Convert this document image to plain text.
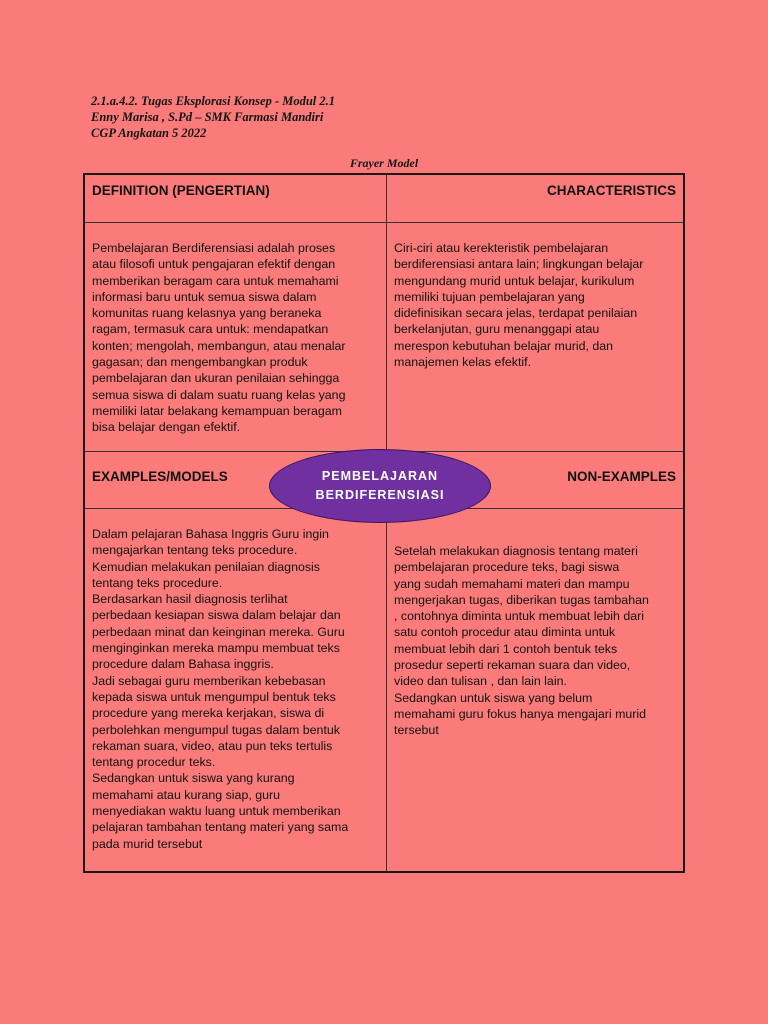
2.1.a.4.2. Tugas Eksplorasi Konsep - Modul 2.1
Enny Marisa , S.Pd – SMK Farmasi Mandiri
CGP Angkatan 5 2022
Frayer Model
DEFINITION (PENGERTIAN)	CHARACTERISTICS
EXAMPLES/MODELS	NON-EXAMPLES
Pembelajaran Berdiferensiasi adalah proses
atau filosofi untuk pengajaran efektif dengan
memberikan beragam cara untuk memahami
informasi baru untuk semua siswa dalam
komunitas ruang kelasnya yang beraneka
ragam, termasuk cara untuk: mendapatkan
konten; mengolah, membangun, atau menalar
gagasan; dan mengembangkan produk
pembelajaran dan ukuran penilaian sehingga
semua siswa di dalam suatu ruang kelas yang
memiliki latar belakang kemampuan beragam
bisa belajar dengan efektif.
Ciri-ciri atau kerekteristik pembelajaran
berdiferensiasi antara lain; lingkungan belajar
mengundang murid untuk belajar, kurikulum
memiliki tujuan pembelajaran yang
didefinisikan secara jelas, terdapat penilaian
berkelanjutan, guru menanggapi atau
merespon kebutuhan belajar murid, dan
manajemen kelas efektif.
Dalam pelajaran Bahasa Inggris Guru ingin
mengajarkan tentang teks procedure.
Kemudian melakukan penilaian diagnosis
tentang teks procedure.
Berdasarkan hasil diagnosis terlihat
perbedaan kesiapan siswa dalam belajar dan
perbedaan minat dan keinginan mereka. Guru
menginginkan mereka mampu membuat teks
procedure dalam Bahasa inggris.
Jadi sebagai guru memberikan kebebasan
kepada siswa untuk mengumpul bentuk teks
procedure yang mereka kerjakan, siswa di
perbolehkan mengumpul tugas dalam bentuk
rekaman suara, video, atau pun teks tertulis
tentang procedur teks.
Sedangkan untuk siswa yang kurang
memahami atau kurang siap, guru
menyediakan waktu luang untuk memberikan
pelajaran tambahan tentang materi yang sama
pada murid tersebut
Setelah melakukan diagnosis tentang materi
pembelajaran procedure teks, bagi siswa
yang sudah memahami materi dan mampu
mengerjakan tugas, diberikan tugas tambahan
, contohnya diminta untuk membuat lebih dari
satu contoh procedur atau diminta untuk
membuat lebih dari 1 contoh bentuk teks
prosedur seperti rekaman suara dan video,
video dan tulisan , dan lain lain.
Sedangkan untuk siswa yang belum
memahami guru fokus hanya mengajari murid
tersebut
PEMBELAJARAN
BERDIFERENSIASI
